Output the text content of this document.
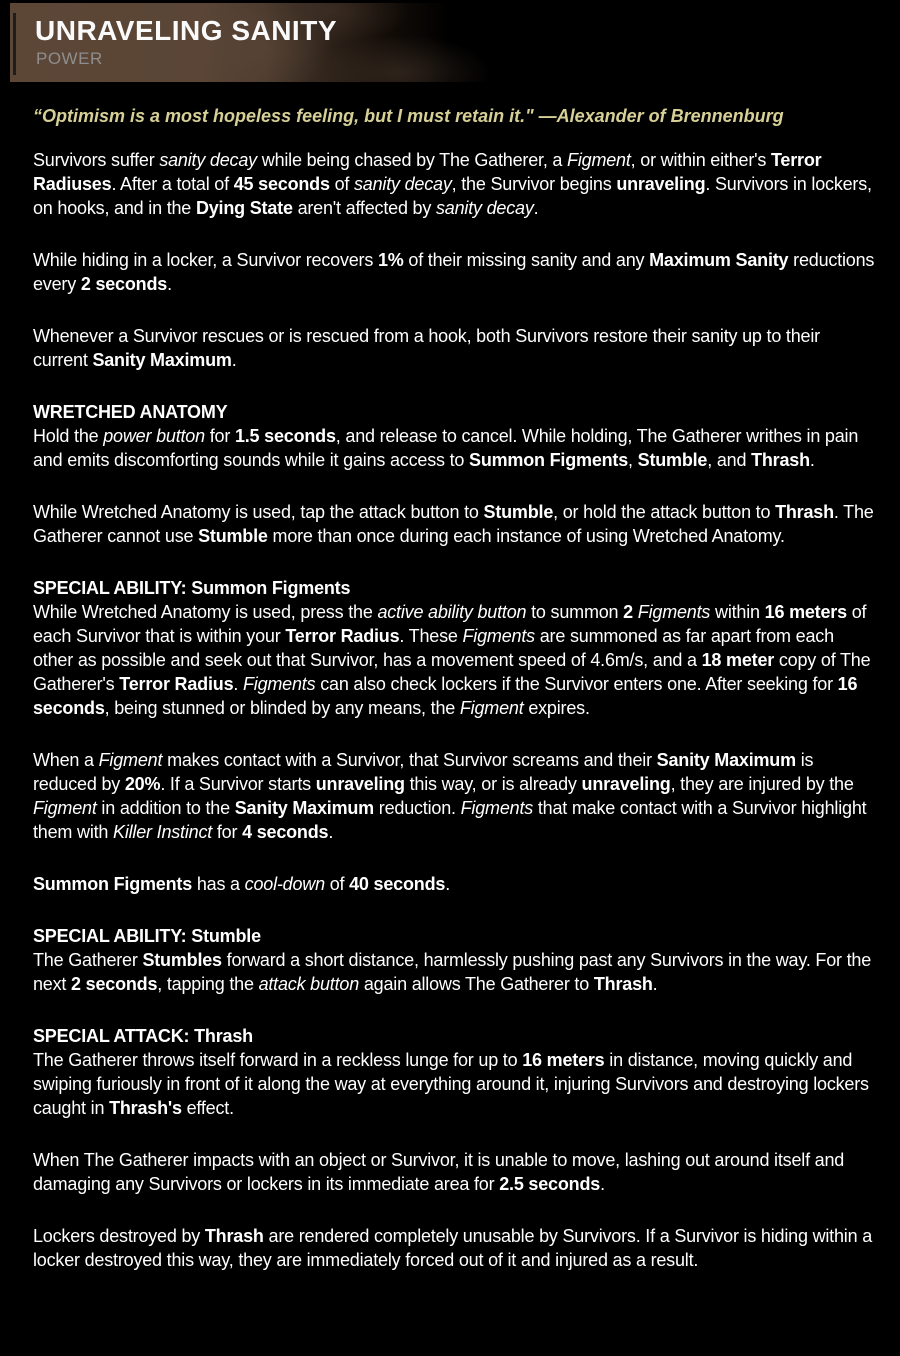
UNRAVELING SANITY
POWER

“Optimism is a most hopeless feeling, but I must retain it." —Alexander of Brennenburg

Survivors suffer sanity decay while being chased by The Gatherer, a Figment, or within either's Terror Radiuses. After a total of 45 seconds of sanity decay, the Survivor begins unraveling. Survivors in lockers, on hooks, and in the Dying State aren't affected by sanity decay.

While hiding in a locker, a Survivor recovers 1% of their missing sanity and any Maximum Sanity reductions every 2 seconds.

Whenever a Survivor rescues or is rescued from a hook, both Survivors restore their sanity up to their current Sanity Maximum.

WRETCHED ANATOMY

Hold the power button for 1.5 seconds, and release to cancel. While holding, The Gatherer writhes in pain and emits discomforting sounds while it gains access to Summon Figments, Stumble, and Thrash.

While Wretched Anatomy is used, tap the attack button to Stumble, or hold the attack button to Thrash. The Gatherer cannot use Stumble more than once during each instance of using Wretched Anatomy.

SPECIAL ABILITY: Summon Figments

While Wretched Anatomy is used, press the active ability button to summon 2 Figments within 16 meters of each Survivor that is within your Terror Radius. These Figments are summoned as far apart from each other as possible and seek out that Survivor, has a movement speed of 4.6m/s, and a 18 meter copy of The Gatherer's Terror Radius. Figments can also check lockers if the Survivor enters one. After seeking for 16 seconds, being stunned or blinded by any means, the Figment expires.

When a Figment makes contact with a Survivor, that Survivor screams and their Sanity Maximum is reduced by 20%. If a Survivor starts unraveling this way, or is already unraveling, they are injured by the Figment in addition to the Sanity Maximum reduction. Figments that make contact with a Survivor highlight them with Killer Instinct for 4 seconds.

Summon Figments has a cool-down of 40 seconds.

SPECIAL ABILITY: Stumble

The Gatherer Stumbles forward a short distance, harmlessly pushing past any Survivors in the way. For the next 2 seconds, tapping the attack button again allows The Gatherer to Thrash.

SPECIAL ATTACK: Thrash

The Gatherer throws itself forward in a reckless lunge for up to 16 meters in distance, moving quickly and swiping furiously in front of it along the way at everything around it, injuring Survivors and destroying lockers caught in Thrash's effect.

When The Gatherer impacts with an object or Survivor, it is unable to move, lashing out around itself and damaging any Survivors or lockers in its immediate area for 2.5 seconds.

Lockers destroyed by Thrash are rendered completely unusable by Survivors. If a Survivor is hiding within a locker destroyed this way, they are immediately forced out of it and injured as a result.
